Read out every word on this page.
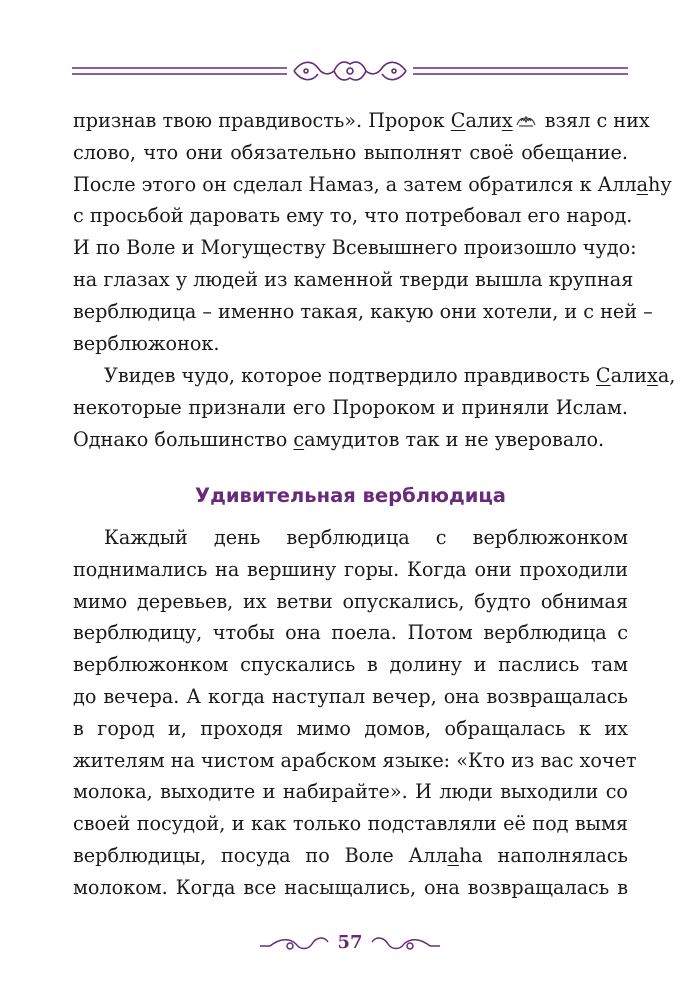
признав твою правдивость». Пророк Салих взял с них
слово, что они обязательно выполнят своё обещание.
После этого он сделал Намаз, а затем обратился к Аллаhу
с просьбой даровать ему то, что потребовал его народ.
И по Воле и Могуществу Всевышнего произошло чудо:
на глазах у людей из каменной тверди вышла крупная
верблюдица – именно такая, какую они хотели, и с ней –
верблюжонок.
Увидев чудо, которое подтвердило правдивость Салиха,
некоторые признали его Пророком и приняли Ислам.
Однако большинство самудитов так и не уверовало.
Удивительная верблюдица
Каждый день верблюдица с верблюжонком
поднимались на вершину горы. Когда они проходили
мимо деревьев, их ветви опускались, будто обнимая
верблюдицу, чтобы она поела. Потом верблюдица с
верблюжонком спускались в долину и паслись там
до вечера. А когда наступал вечер, она возвращалась
в город и, проходя мимо домов, обращалась к их
жителям на чистом арабском языке: «Кто из вас хочет
молока, выходите и набирайте». И люди выходили со
своей посудой, и как только подставляли её под вымя
верблюдицы, посуда по Воле Аллаhа наполнялась
молоком. Когда все насыщались, она возвращалась в
57
